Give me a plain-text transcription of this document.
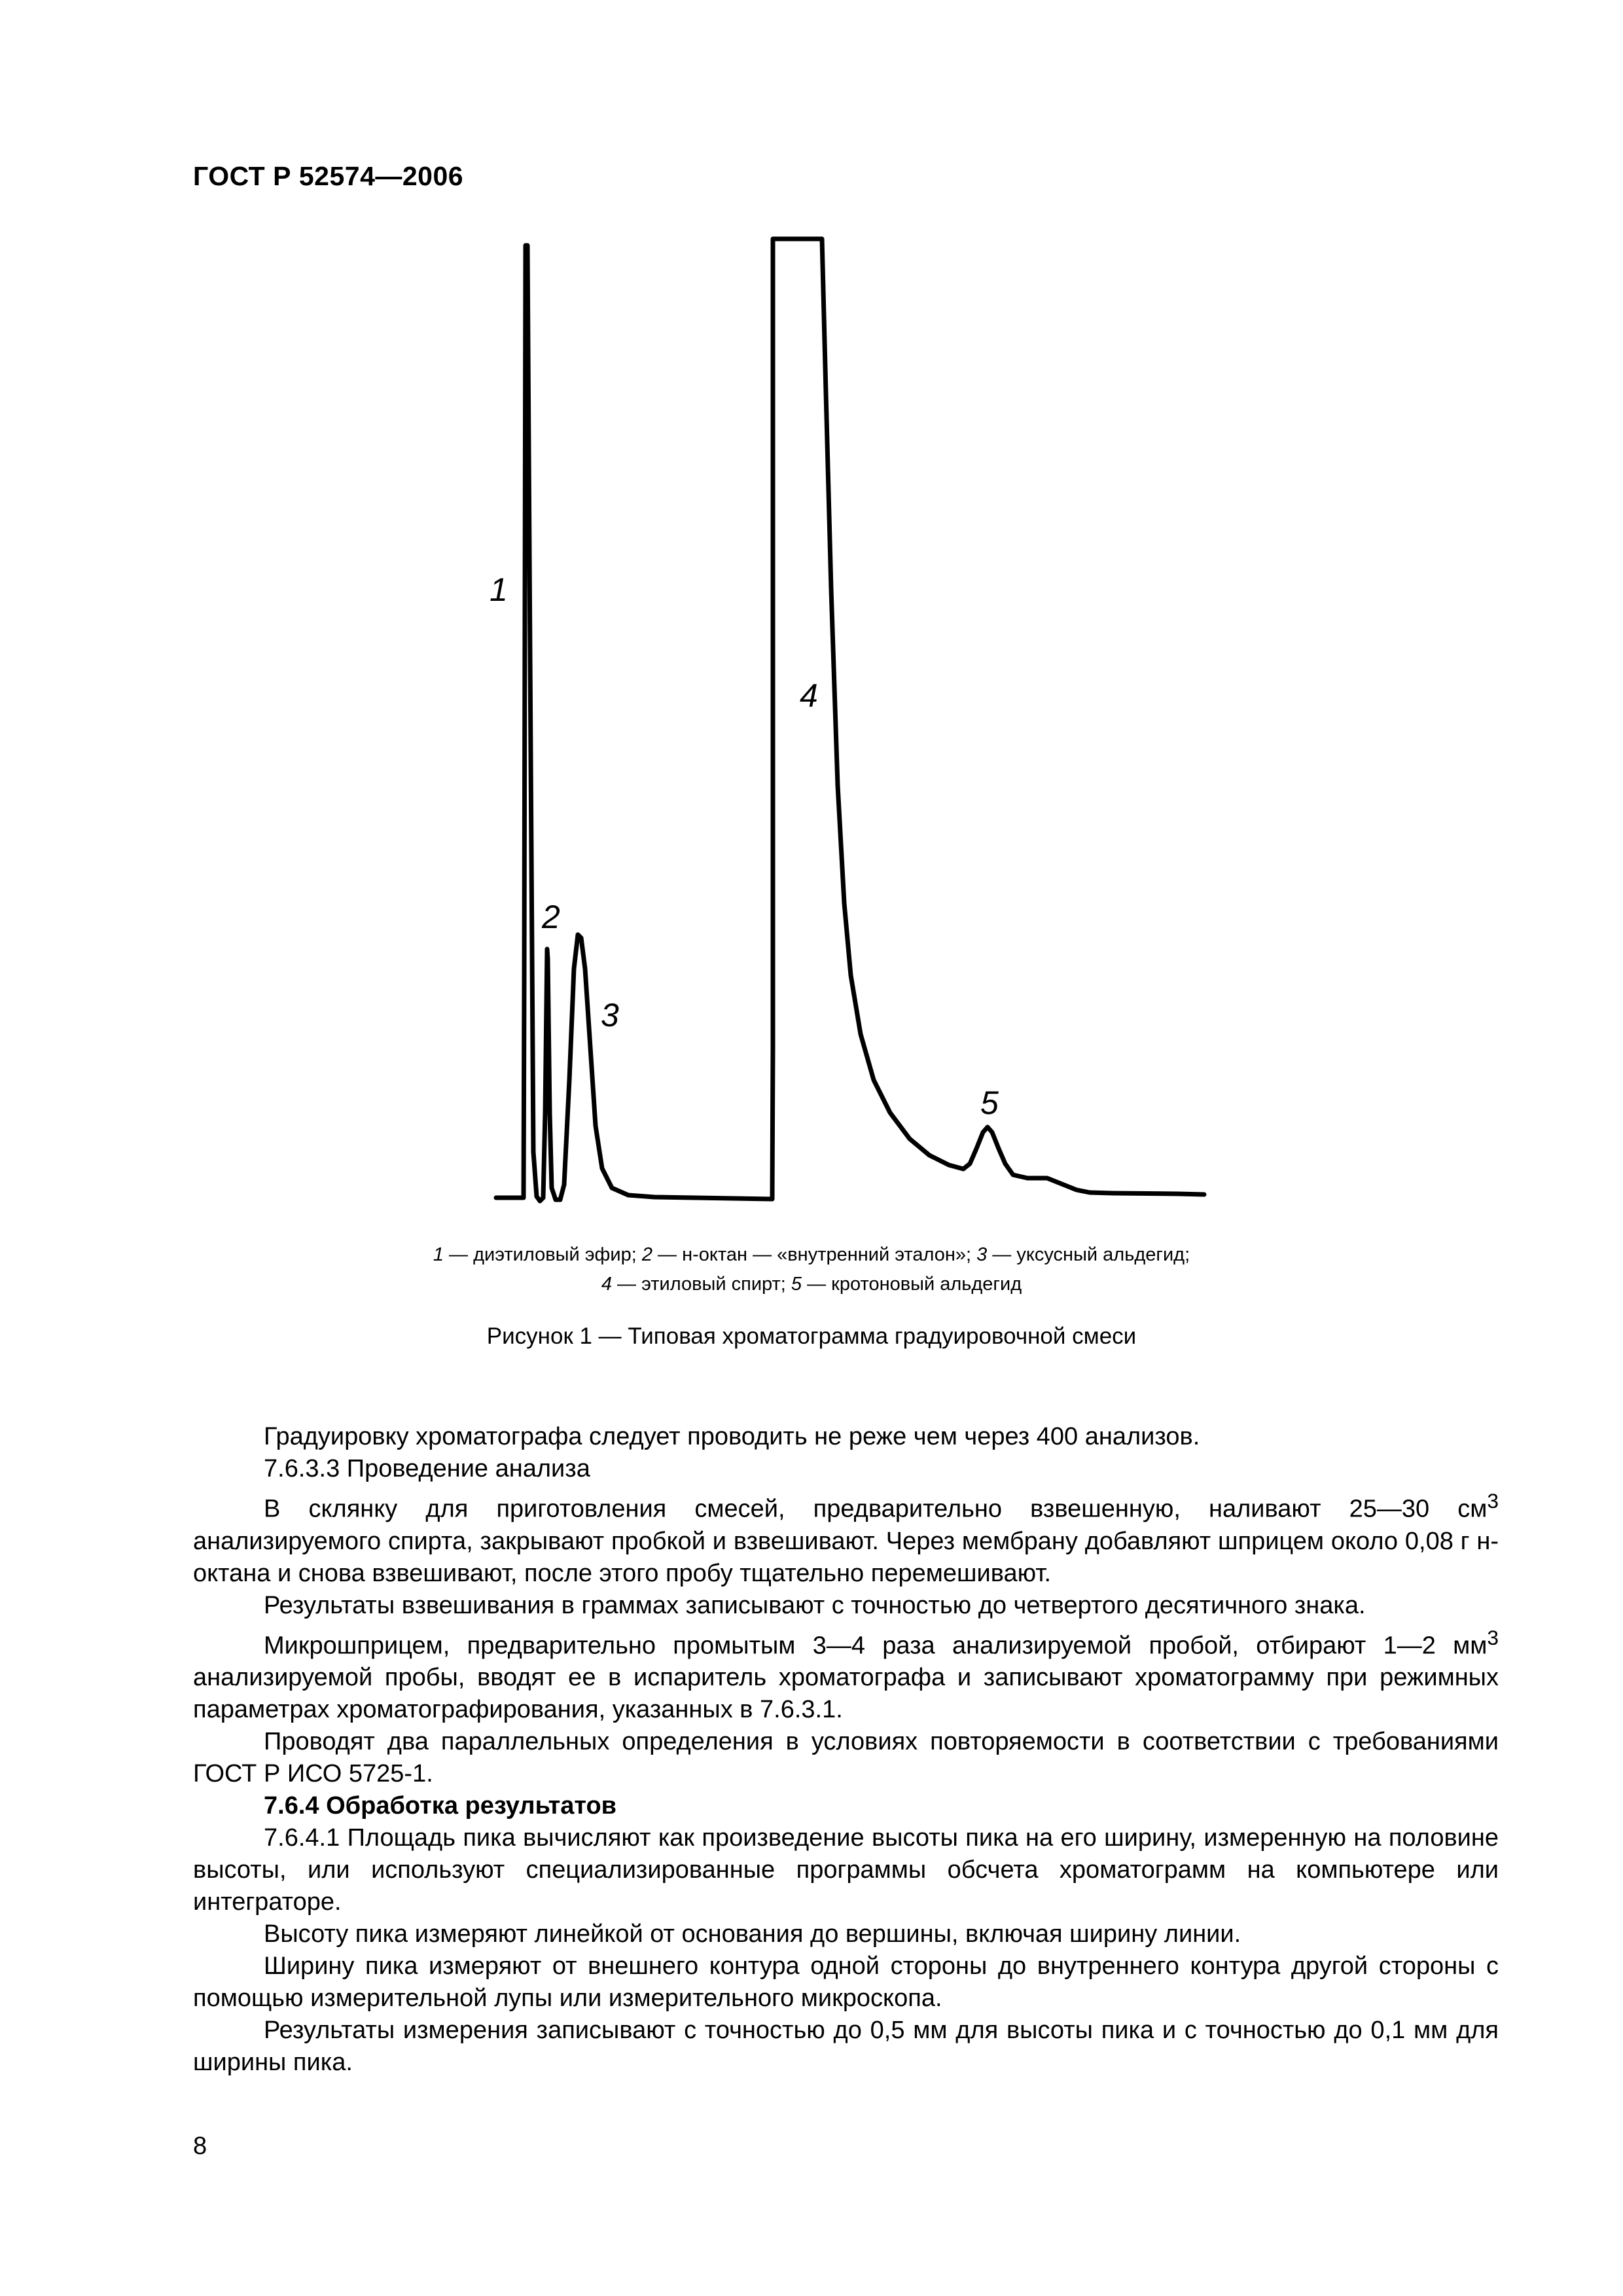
ГОСТ Р 52574—2006
1
2
3
4
5
1 — диэтиловый эфир; 2 — н-октан — «внутренний эталон»; 3 — уксусный альдегид;
4 — этиловый спирт; 5 — кротоновый альдегид
Рисунок 1 — Типовая хроматограмма градуировочной смеси

Градуировку хроматографа следует проводить не реже чем через 400 анализов.

7.6.3.3 Проведение анализа

В склянку для приготовления смесей, предварительно взвешенную, наливают 25—30 $см^3$ анализируемого спирта, закрывают пробкой и взвешивают. Через мембрану добавляют шприцем около 0,08 г н-октана и снова взвешивают, после этого пробу тщательно перемешивают.

Результаты взвешивания в граммах записывают с точностью до четвертого десятичного знака.

Микрошприцем, предварительно промытым 3—4 раза анализируемой пробой, отбирают 1—2 $мм^3$ анализируемой пробы, вводят ее в испаритель хроматографа и записывают хроматограмму при режимных параметрах хроматографирования, указанных в 7.6.3.1.

Проводят два параллельных определения в условиях повторяемости в соответствии с требованиями ГОСТ Р ИСО 5725-1.

7.6.4 Обработка результатов

7.6.4.1 Площадь пика вычисляют как произведение высоты пика на его ширину, измеренную на половине высоты, или используют специализированные программы обсчета хроматограмм на компьютере или интеграторе.

Высоту пика измеряют линейкой от основания до вершины, включая ширину линии.

Ширину пика измеряют от внешнего контура одной стороны до внутреннего контура другой стороны с помощью измерительной лупы или измерительного микроскопа.

Результаты измерения записывают с точностью до 0,5 мм для высоты пика и с точностью до 0,1 мм для ширины пика.

8
